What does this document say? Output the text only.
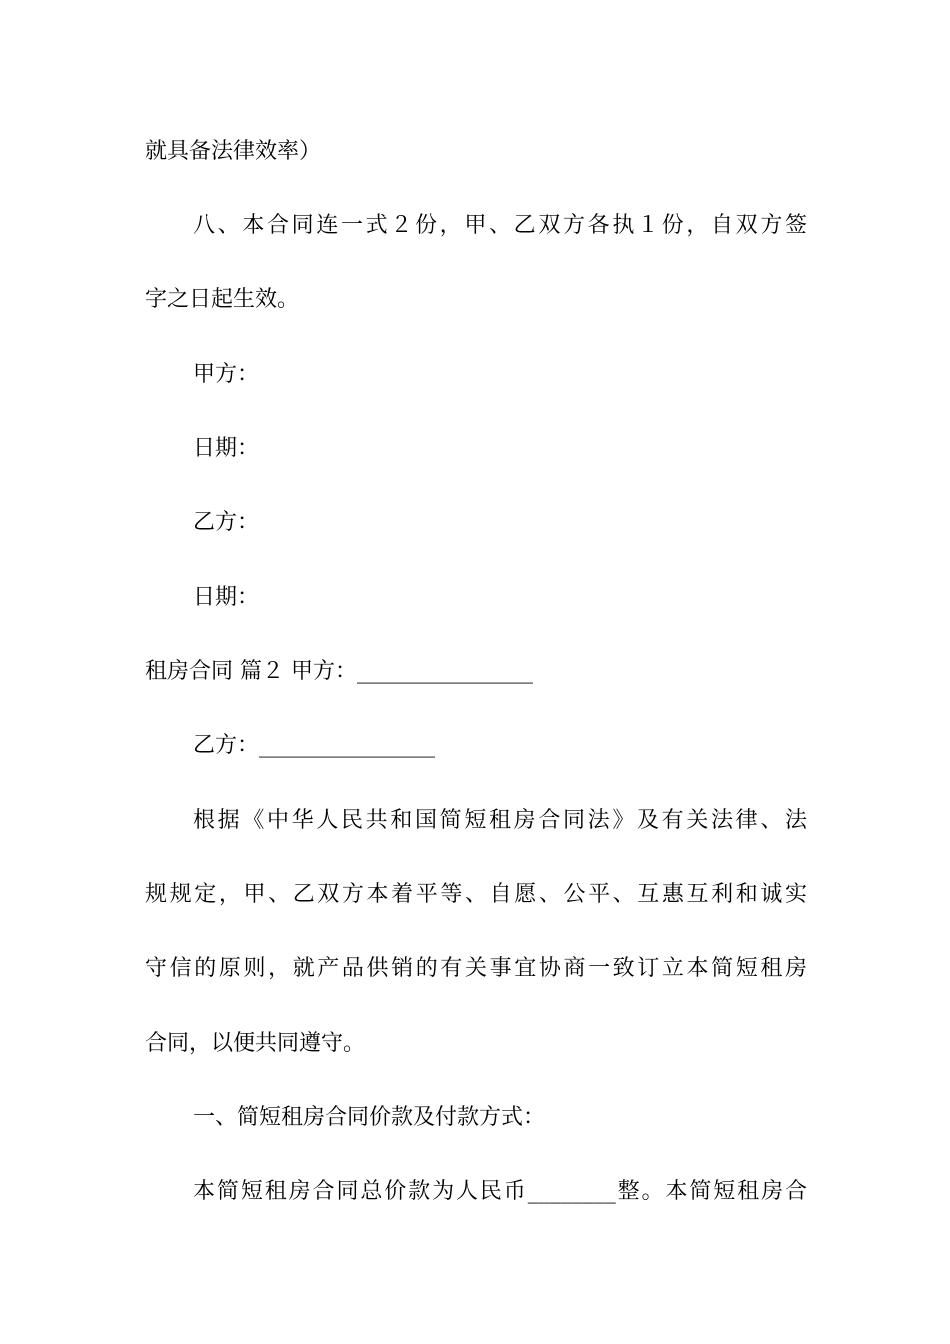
就具备法律效率）
八、本合同连一式２份，甲、乙双方各执１份，自双方签
字之日起生效。
甲方：
日期：
乙方：
日期：
租房合同 篇２ 甲方：________________
乙方：________________
根据《中华人民共和国简短租房合同法》及有关法律、法
规规定，甲、乙双方本着平等、自愿、公平、互惠互利和诚实
守信的原则，就产品供销的有关事宜协商一致订立本简短租房
合同，以便共同遵守。
一、简短租房合同价款及付款方式：
本简短租房合同总价款为人民币________整。本简短租房合
